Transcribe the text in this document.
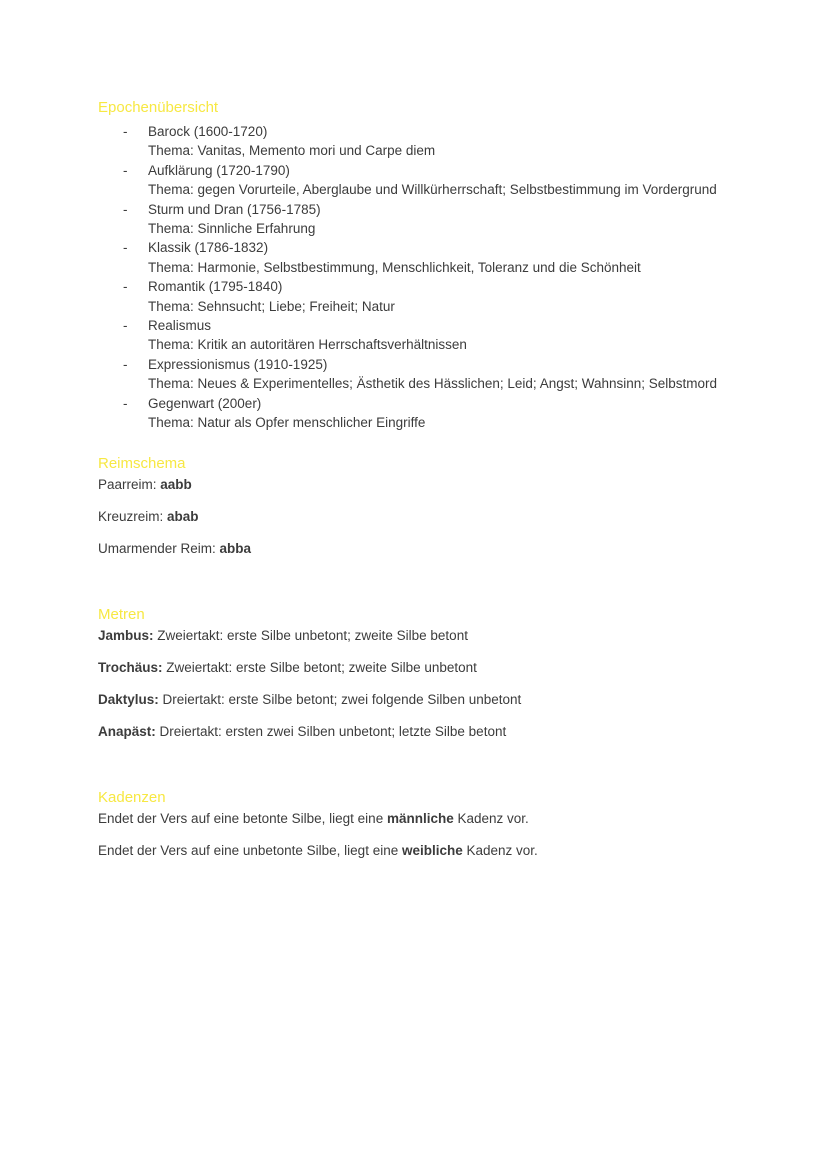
Epochenübersicht
- Barock (1600-1720)
Thema: Vanitas, Memento mori und Carpe diem
- Aufklärung (1720-1790)
Thema: gegen Vorurteile, Aberglaube und Willkürherrschaft; Selbstbestimmung im Vordergrund
- Sturm und Dran (1756-1785)
Thema: Sinnliche Erfahrung
- Klassik (1786-1832)
Thema: Harmonie, Selbstbestimmung, Menschlichkeit, Toleranz und die Schönheit
- Romantik (1795-1840)
Thema: Sehnsucht; Liebe; Freiheit; Natur
- Realismus
Thema: Kritik an autoritären Herrschaftsverhältnissen
- Expressionismus (1910-1925)
Thema: Neues & Experimentelles; Ästhetik des Hässlichen; Leid; Angst; Wahnsinn; Selbstmord
- Gegenwart (200er)
Thema: Natur als Opfer menschlicher Eingriffe
Reimschema

Paarreim: aabb

Kreuzreim: abab

Umarmender Reim: abba

Metren

Jambus: Zweiertakt: erste Silbe unbetont; zweite Silbe betont

Trochäus: Zweiertakt: erste Silbe betont; zweite Silbe unbetont

Daktylus: Dreiertakt: erste Silbe betont; zwei folgende Silben unbetont

Anapäst: Dreiertakt: ersten zwei Silben unbetont; letzte Silbe betont

Kadenzen

Endet der Vers auf eine betonte Silbe, liegt eine männliche Kadenz vor.

Endet der Vers auf eine unbetonte Silbe, liegt eine weibliche Kadenz vor.
